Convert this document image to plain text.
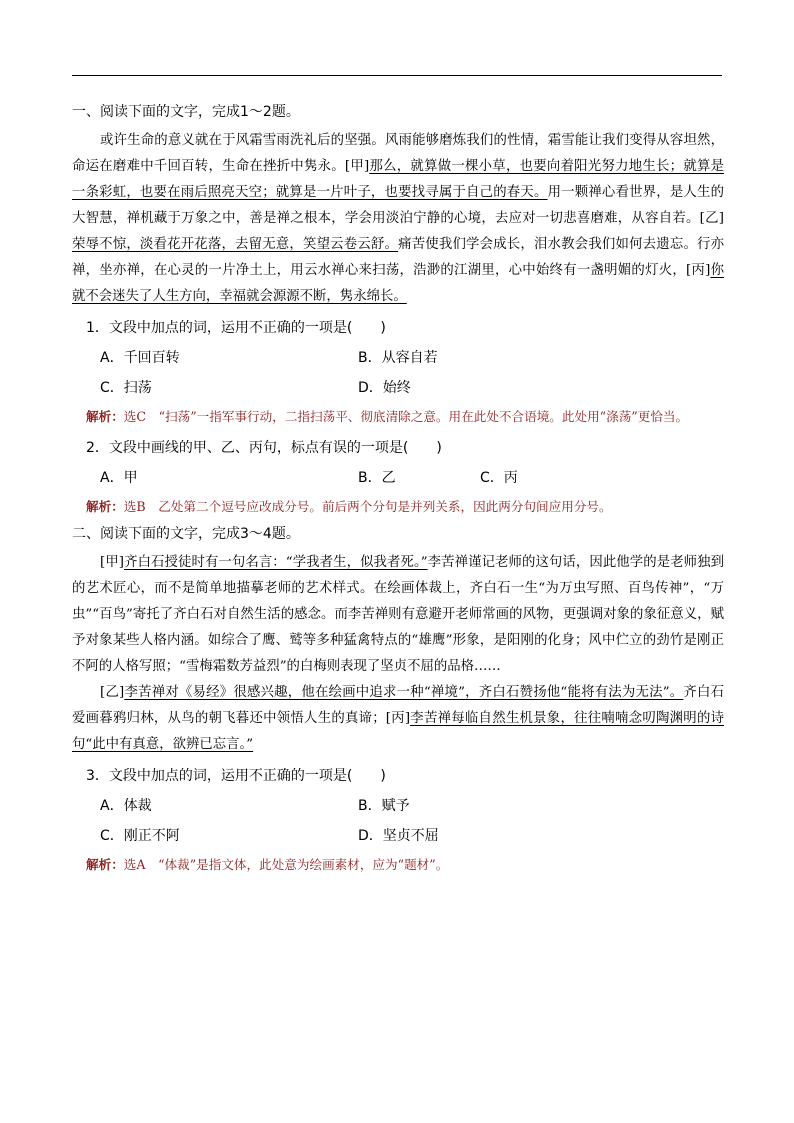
一、阅读下面的文字，完成1～2题。

或许生命的意义就在于风霜雪雨洗礼后的坚强。风雨能够磨炼我们的性情，霜雪能让我们变得从容坦然，命运在磨难中千回百转，生命在挫折中隽永。[甲]那么，就算做一棵小草，也要向着阳光努力地生长；就算是一条彩虹，也要在雨后照亮天空；就算是一片叶子，也要找寻属于自己的春天。用一颗禅心看世界，是人生的大智慧，禅机藏于万象之中，善是禅之根本，学会用淡泊宁静的心境，去应对一切悲喜磨难，从容自若。[乙]荣辱不惊，淡看花开花落，去留无意，笑望云卷云舒。痛苦使我们学会成长，泪水教会我们如何去遗忘。行亦禅，坐亦禅，在心灵的一片净土上，用云水禅心来扫荡，浩渺的江湖里，心中始终有一盏明媚的灯火，[丙]你就不会迷失了人生方向，幸福就会源源不断，隽永绵长。

1．文段中加点的词，运用不正确的一项是(　　)

A．千回百转	B．从容自若
C．扫荡	D．始终

解析：选C　“扫荡”一指军事行动，二指扫荡平、彻底清除之意。用在此处不合语境。此处用“涤荡”更恰当。

2．文段中画线的甲、乙、丙句，标点有误的一项是(　　)

A．甲	B．乙	C．丙

解析：选B　乙处第二个逗号应改成分号。前后两个分句是并列关系，因此两分句间应用分号。

二、阅读下面的文字，完成3～4题。

[甲]齐白石授徒时有一句名言：“学我者生，似我者死。”李苦禅谨记老师的这句话，因此他学的是老师独到的艺术匠心，而不是简单地描摹老师的艺术样式。在绘画体裁上，齐白石一生“为万虫写照、百鸟传神”，“万虫”“百鸟”寄托了齐白石对自然生活的感念。而李苦禅则有意避开老师常画的风物，更强调对象的象征意义，赋予对象某些人格内涵。如综合了鹰、鹫等多种猛禽特点的“雄鹰”形象，是阳刚的化身；风中伫立的劲竹是刚正不阿的人格写照；“雪梅霜数芳益烈”的白梅则表现了坚贞不屈的品格……

[乙]李苦禅对《易经》很感兴趣，他在绘画中追求一种“禅境”，齐白石赞扬他“能将有法为无法”。齐白石爱画暮鸦归林，从鸟的朝飞暮还中领悟人生的真谛；[丙]李苦禅每临自然生机景象，往往喃喃念叨陶渊明的诗句“此中有真意，欲辨已忘言。”

3．文段中加点的词，运用不正确的一项是(　　)

A．体裁	B．赋予
C．刚正不阿	D．坚贞不屈

解析：选A　“体裁”是指文体，此处意为绘画素材，应为“题材”。
